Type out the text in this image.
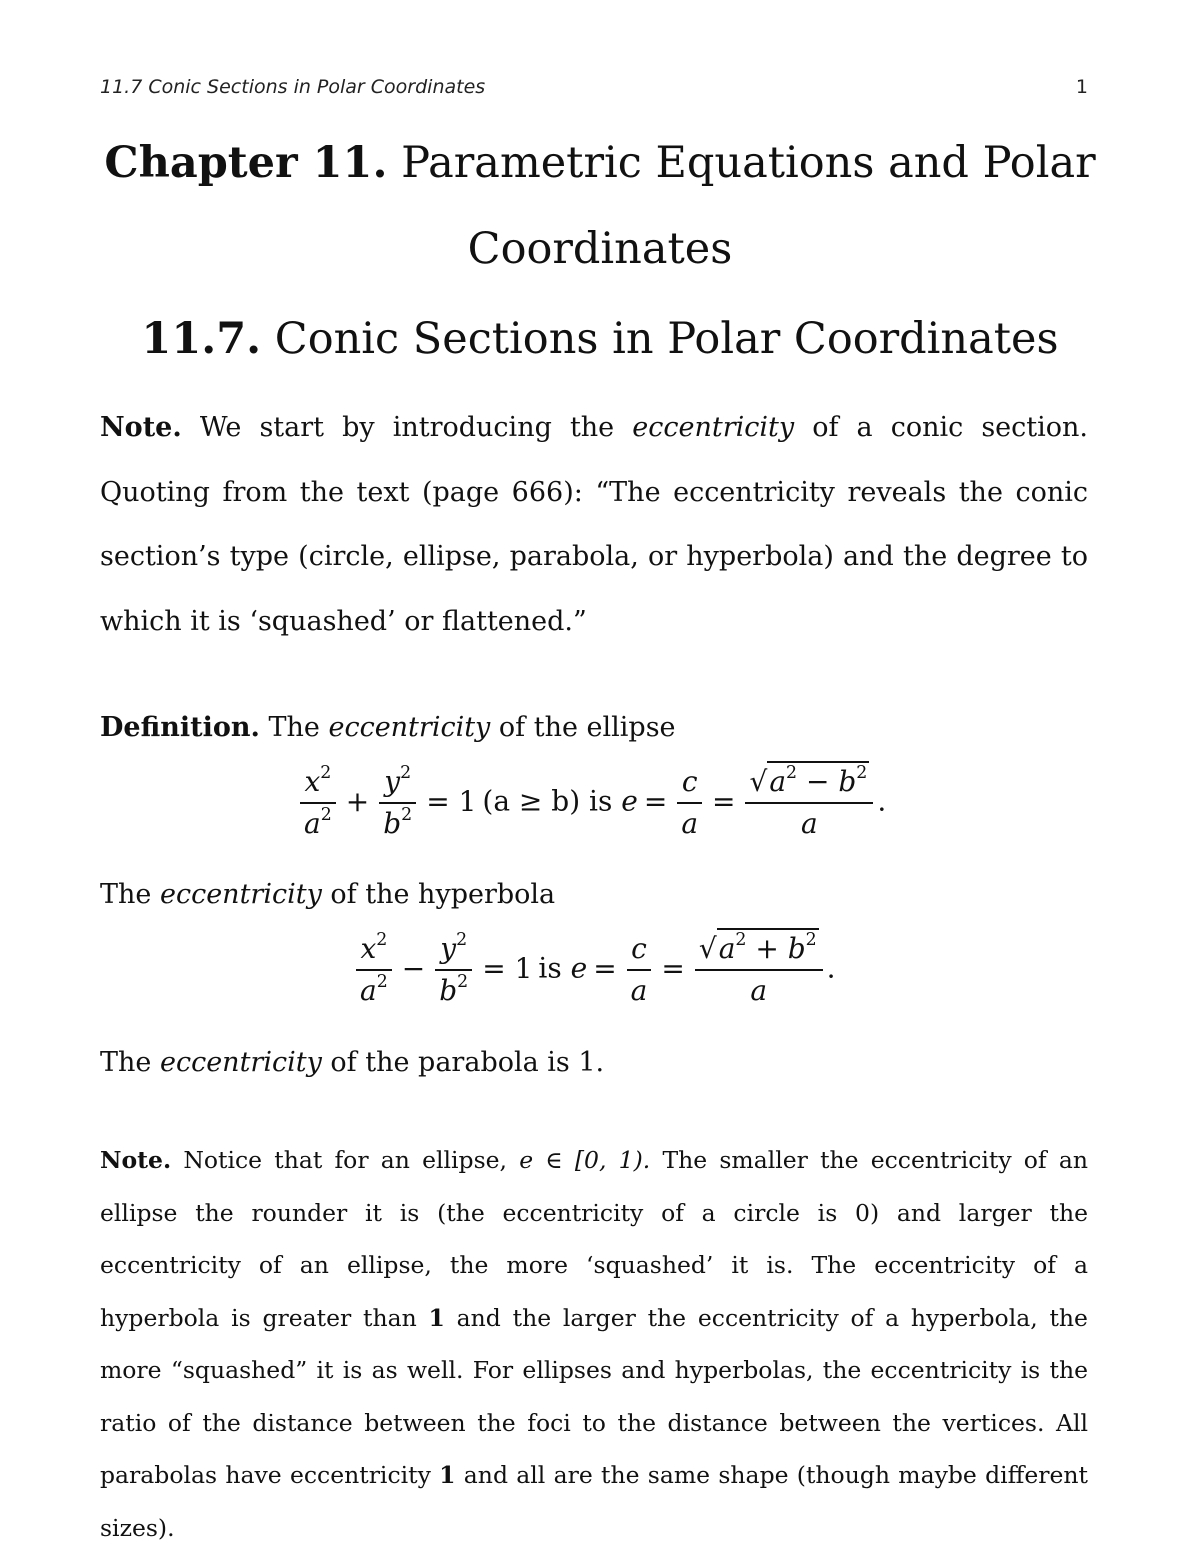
11.7 Conic Sections in Polar Coordinates	1
Chapter 11. Parametric Equations and Polar
Coordinates
11.7. Conic Sections in Polar Coordinates
Note. We start by introducing the eccentricity of a conic section. Quoting from the text (page 666): “The eccentricity reveals the conic section’s type (circle, ellipse, parabola, or hyperbola) and the degree to which it is ‘squashed’ or flattened.”
Definition. The eccentricity of the ellipse
$\frac{x^2}{a^2} + \frac{y^2}{b^2} = 1$ (a ≥ b) is $e = \frac{c}{a} = \frac{√a^2 - b^2}{a}$ .
The eccentricity of the hyperbola
$\frac{x^2}{a^2} - \frac{y^2}{b^2} = 1$ is $e = \frac{c}{a} = \frac{√a^2 + b^2}{a}$ .
The eccentricity of the parabola is 1.
Note. Notice that for an ellipse, e ∈ [0, 1). The smaller the eccentricity of an ellipse the rounder it is (the eccentricity of a circle is 0) and larger the eccentricity of an ellipse, the more ‘squashed’ it is. The eccentricity of a hyperbola is greater than 1 and the larger the eccentricity of a hyperbola, the more “squashed” it is as well. For ellipses and hyperbolas, the eccentricity is the ratio of the distance between the foci to the distance between the vertices. All parabolas have eccentricity 1 and all are the same shape (though maybe different sizes).
